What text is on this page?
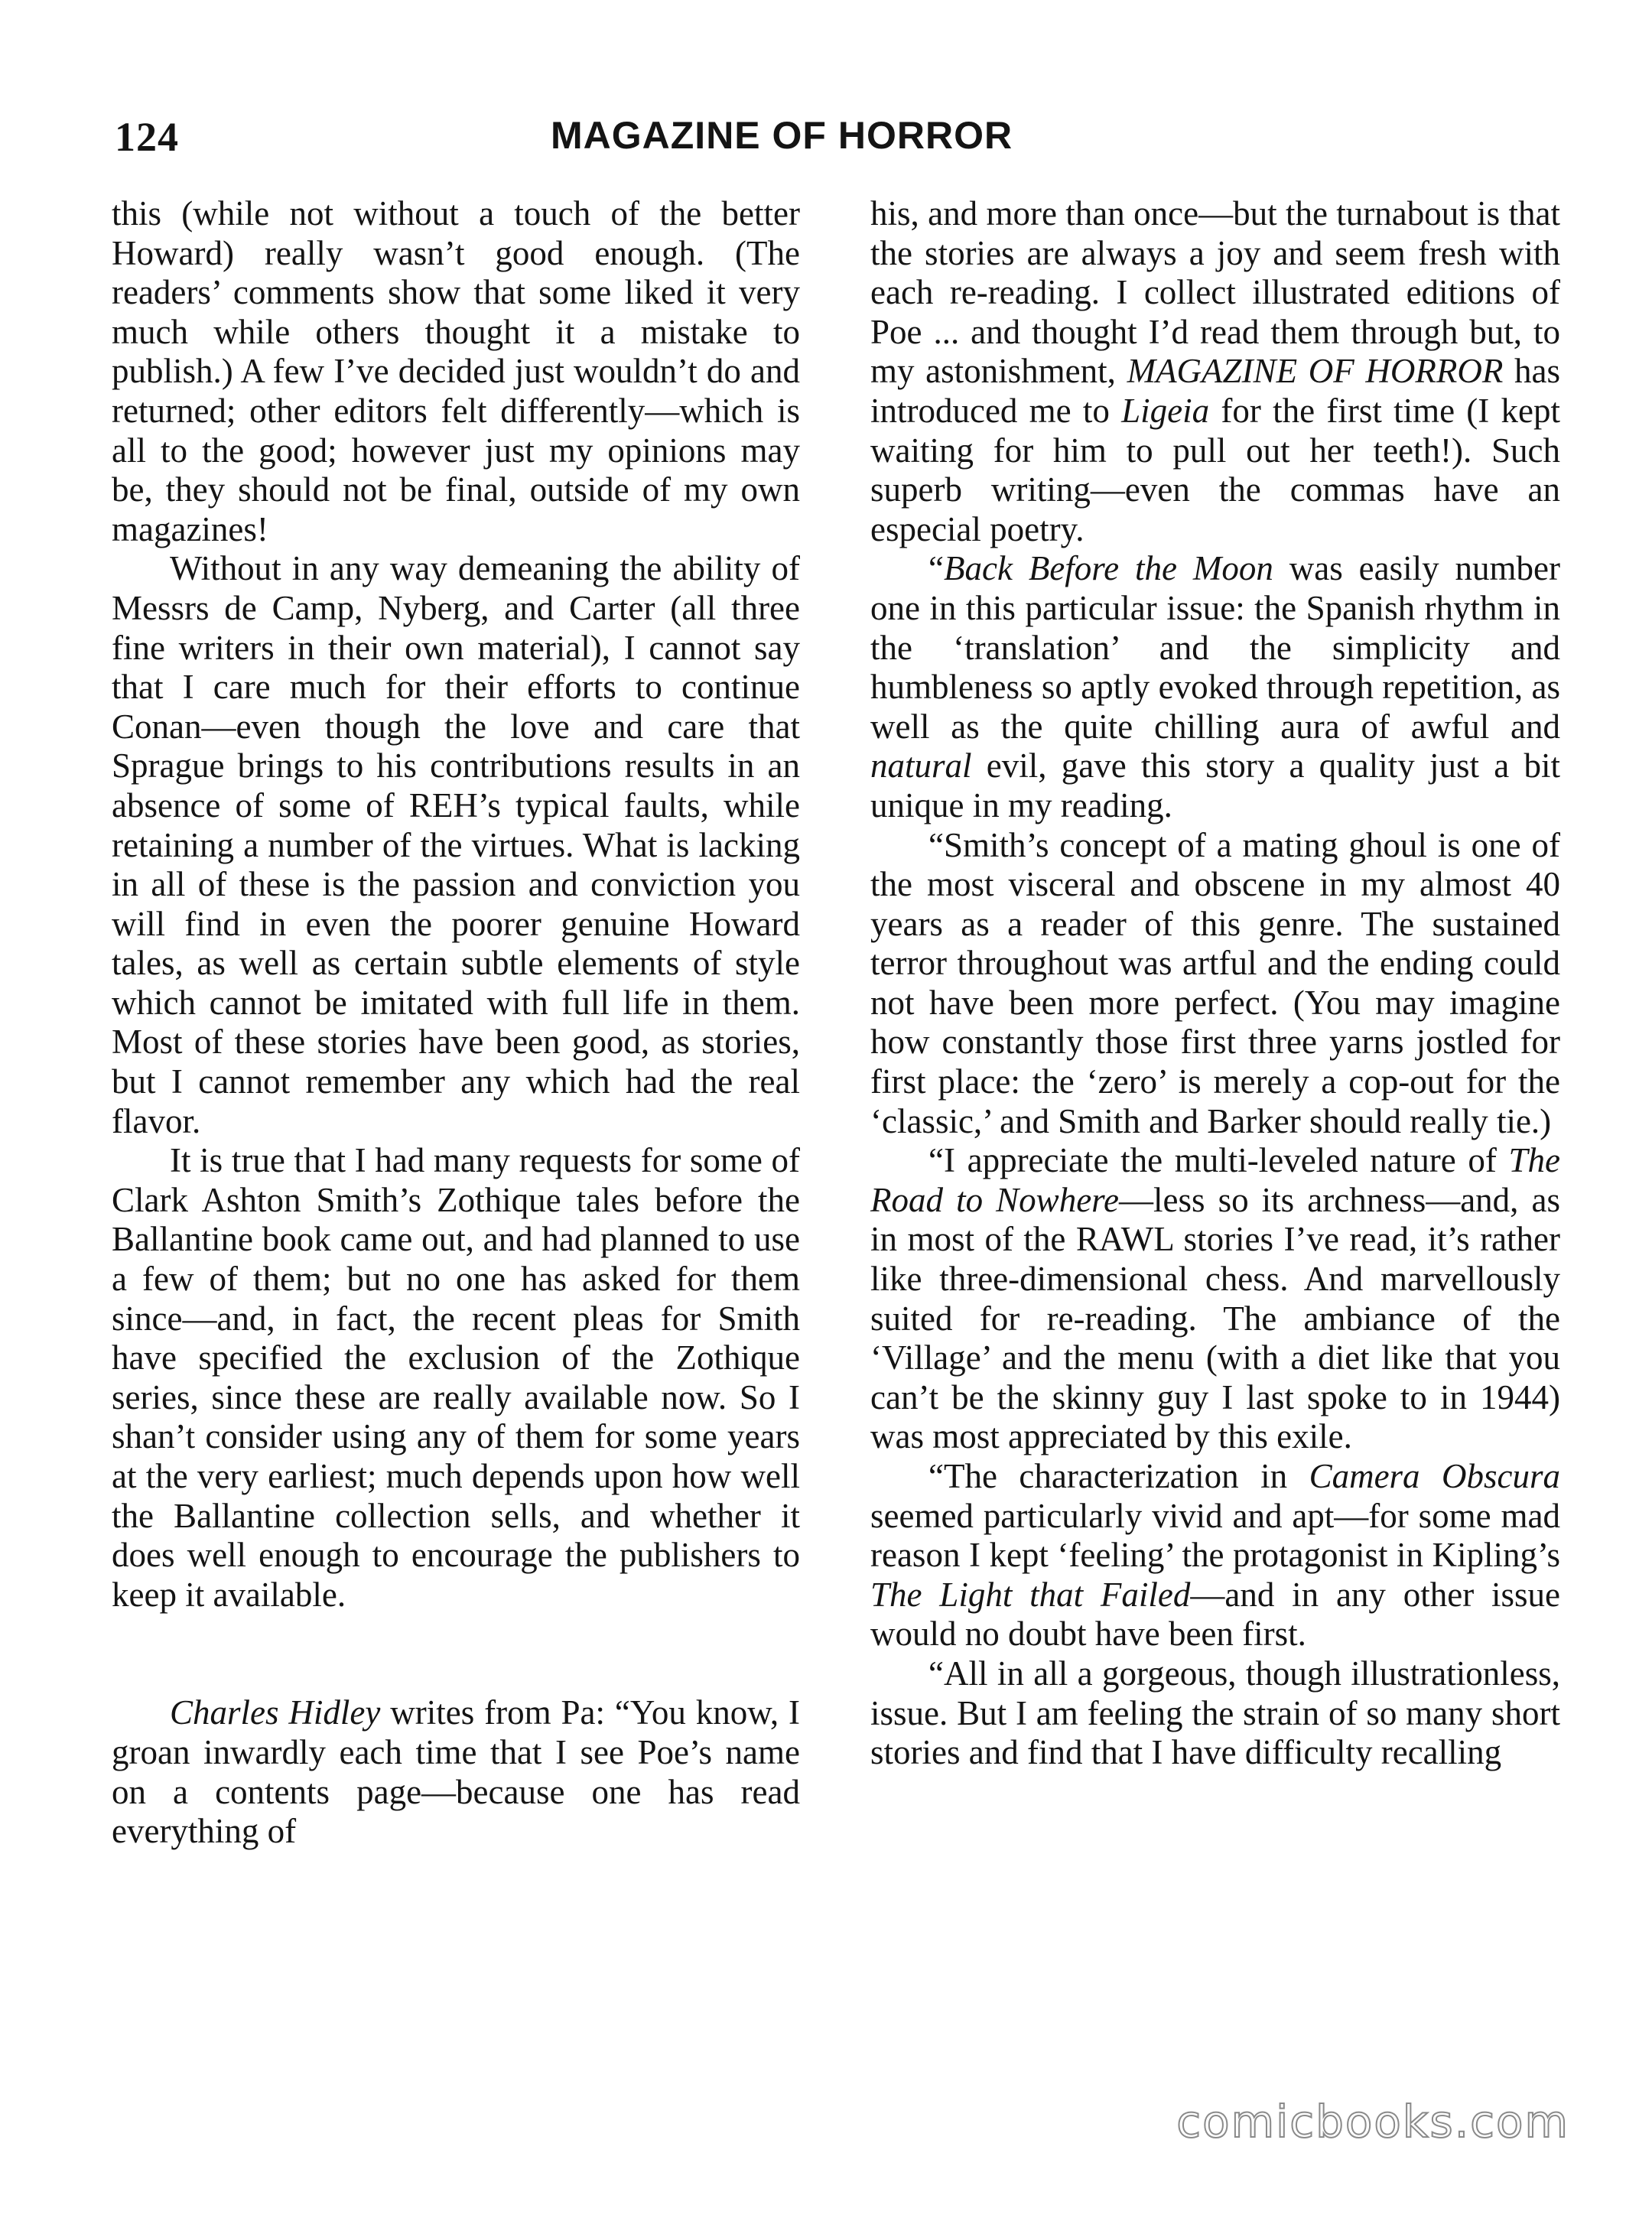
124	MAGAZINE OF HORROR

this (while not without a touch of the better Howard) really wasn’t good enough. (The readers’ comments show that some liked it very much while others thought it a mistake to publish.) A few I’ve decided just wouldn’t do and returned; other editors felt differently—which is all to the good; however just my opinions may be, they should not be final, outside of my own magazines!

Without in any way demeaning the ability of Messrs de Camp, Nyberg, and Carter (all three fine writers in their own material), I cannot say that I care much for their efforts to continue Conan—even though the love and care that Sprague brings to his contributions results in an absence of some of REH’s typical faults, while retaining a number of the virtues. What is lacking in all of these is the passion and conviction you will find in even the poorer genuine Howard tales, as well as certain subtle elements of style which cannot be imitated with full life in them. Most of these stories have been good, as stories, but I cannot remember any which had the real flavor.

It is true that I had many requests for some of Clark Ashton Smith’s Zothique tales before the Ballantine book came out, and had planned to use a few of them; but no one has asked for them since—and, in fact, the recent pleas for Smith have specified the exclusion of the Zothique series, since these are really available now. So I shan’t consider using any of them for some years at the very earliest; much depends upon how well the Ballantine collection sells, and whether it does well enough to encourage the publishers to keep it available.

Charles Hidley writes from Pa: “You know, I groan inwardly each time that I see Poe’s name on a contents page—because one has read everything of

his, and more than once—but the turnabout is that the stories are always a joy and seem fresh with each re-reading. I collect illustrated editions of Poe ... and thought I’d read them through but, to my astonishment, MAGAZINE OF HORROR has introduced me to Ligeia for the first time (I kept waiting for him to pull out her teeth!). Such superb writing—even the commas have an especial poetry.

“Back Before the Moon was easily number one in this particular issue: the Spanish rhythm in the ‘translation’ and the simplicity and humbleness so aptly evoked through repetition, as well as the quite chilling aura of awful and natural evil, gave this story a quality just a bit unique in my reading.

“Smith’s concept of a mating ghoul is one of the most visceral and obscene in my almost 40 years as a reader of this genre. The sustained terror throughout was artful and the ending could not have been more perfect. (You may imagine how constantly those first three yarns jostled for first place: the ‘zero’ is merely a cop-out for the ‘classic,’ and Smith and Barker should really tie.)

“I appreciate the multi-leveled nature of The Road to Nowhere—less so its archness—and, as in most of the RAWL stories I’ve read, it’s rather like three-dimensional chess. And marvellously suited for re-reading. The ambiance of the ‘Village’ and the menu (with a diet like that you can’t be the skinny guy I last spoke to in 1944) was most appreciated by this exile.

“The characterization in Camera Obscura seemed particularly vivid and apt—for some mad reason I kept ‘feeling’ the protagonist in Kipling’s The Light that Failed—and in any other issue would no doubt have been first.

“All in all a gorgeous, though illustrationless, issue. But I am feeling the strain of so many short stories and find that I have difficulty recalling

comicbooks.com
